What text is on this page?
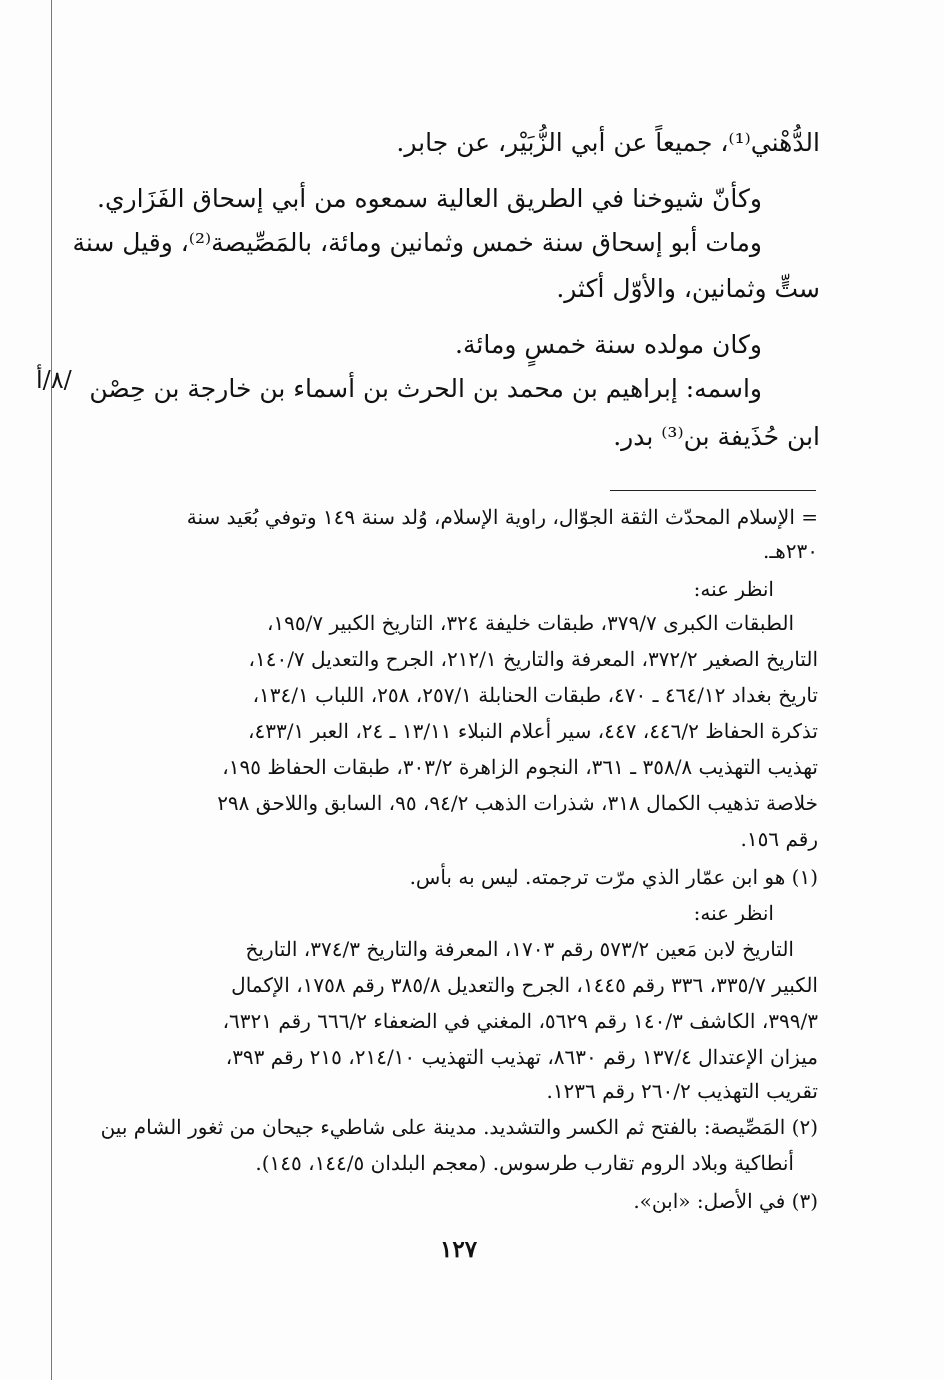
الدُّهْني⁽¹⁾، جميعاً عن أبي الزُّبَيْر، عن جابر.
وكأنّ شيوخنا في الطريق العالية سمعوه من أبي إسحاق الفَزَاري.
ومات أبو إسحاق سنة خمس وثمانين ومائة، بالمَصِّيصة⁽²⁾، وقيل سنة
ستٍّ وثمانين، والأوّل أكثر.
وكان مولده سنة خمسٍ ومائة.
واسمه: إبراهيم بن محمد بن الحرث بن أسماء بن خارجة بن حِصْن
ابن حُذَيفة بن⁽³⁾ بدر.
/٨/أ
= الإسلام المحدّث الثقة الجوّال، راوية الإسلام، وُلد سنة ١٤٩ وتوفي بُعَيد سنة
٢٣٠هـ.
انظر عنه:
الطبقات الكبرى ٣٧٩/٧، طبقات خليفة ٣٢٤، التاريخ الكبير ١٩٥/٧،
التاريخ الصغير ٣٧٢/٢، المعرفة والتاريخ ٢١٢/١، الجرح والتعديل ١٤٠/٧،
تاريخ بغداد ٤٦٤/١٢ ـ ٤٧٠، طبقات الحنابلة ٢٥٧/١، ٢٥٨، اللباب ١٣٤/١،
تذكرة الحفاظ ٤٤٦/٢، ٤٤٧، سير أعلام النبلاء ١٣/١١ ـ ٢٤، العبر ٤٣٣/١،
تهذيب التهذيب ٣٥٨/٨ ـ ٣٦١، النجوم الزاهرة ٣٠٣/٢، طبقات الحفاظ ١٩٥،
خلاصة تذهيب الكمال ٣١٨، شذرات الذهب ٩٤/٢، ٩٥، السابق واللاحق ٢٩٨
رقم ١٥٦.
(١) هو ابن عمّار الذي مرّت ترجمته. ليس به بأس.
انظر عنه:
التاريخ لابن مَعين ٥٧٣/٢ رقم ١٧٠٣، المعرفة والتاريخ ٣٧٤/٣، التاريخ
الكبير ٣٣٥/٧، ٣٣٦ رقم ١٤٤٥، الجرح والتعديل ٣٨٥/٨ رقم ١٧٥٨، الإكمال
٣٩٩/٣، الكاشف ١٤٠/٣ رقم ٥٦٢٩، المغني في الضعفاء ٦٦٦/٢ رقم ٦٣٢١،
ميزان الإعتدال ١٣٧/٤ رقم ٨٦٣٠، تهذيب التهذيب ٢١٤/١٠، ٢١٥ رقم ٣٩٣،
تقريب التهذيب ٢٦٠/٢ رقم ١٢٣٦.
(٢) المَصِّيصة: بالفتح ثم الكسر والتشديد. مدينة على شاطيء جيحان من ثغور الشام بين
أنطاكية وبلاد الروم تقارب طرسوس. (معجم البلدان ١٤٤/٥، ١٤٥).
(٣) في الأصل: «ابن».
١٢٧
